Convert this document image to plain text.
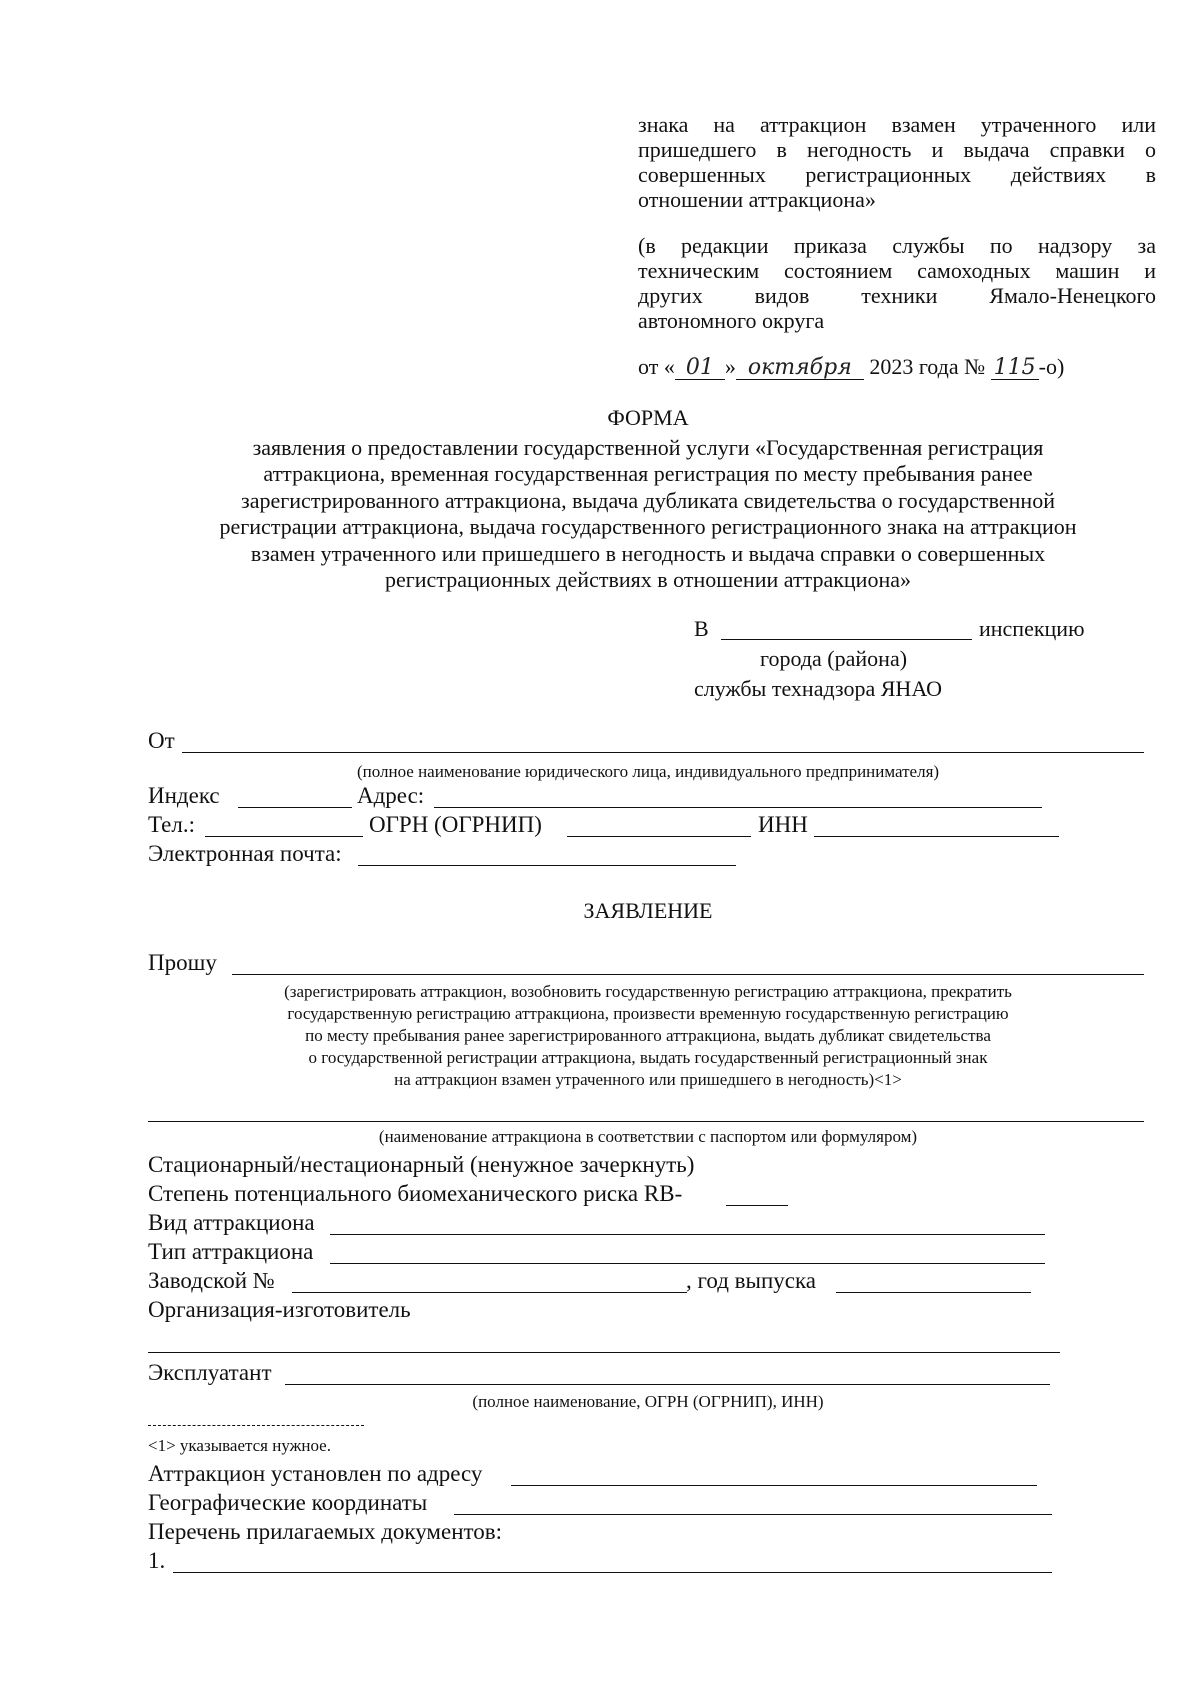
знака на аттракцион взамен утраченного или
пришедшего в негодность и выдача справки о
совершенных регистрационных действиях в
отношении аттракциона»
(в редакции приказа службы по надзору за
техническим состоянием самоходных машин и
других видов техники Ямало-Ненецкого
автономного округа
от « 01 » октября 2023 года № 115 -о)
ФОРМА
заявления о предоставлении государственной услуги «Государственная регистрация
аттракциона, временная государственная регистрация по месту пребывания ранее
зарегистрированного аттракциона, выдача дубликата свидетельства о государственной
регистрации аттракциона, выдача государственного регистрационного знака на аттракцион
взамен утраченного или пришедшего в негодность и выдача справки о совершенных
регистрационных действиях в отношении аттракциона»
В	инспекцию
города (района)
службы технадзора ЯНАО
От
(полное наименование юридического лица, индивидуального предпринимателя)
Индекс	Адрес:
Тел.:	ОГРН (ОГРНИП)	ИНН
Электронная почта:
ЗАЯВЛЕНИЕ
Прошу
(зарегистрировать аттракцион, возобновить государственную регистрацию аттракциона, прекратить
государственную регистрацию аттракциона, произвести временную государственную регистрацию
по месту пребывания ранее зарегистрированного аттракциона, выдать дубликат свидетельства
о государственной регистрации аттракциона, выдать государственный регистрационный знак
на аттракцион взамен утраченного или пришедшего в негодность)<1>
(наименование аттракциона в соответствии с паспортом или формуляром)
Стационарный/нестационарный (ненужное зачеркнуть)
Степень потенциального биомеханического риска RB-
Вид аттракциона
Тип аттракциона
Заводской №	, год выпуска
Организация-изготовитель
Эксплуатант
(полное наименование, ОГРН (ОГРНИП), ИНН)
<1> указывается нужное.
Аттракцион установлен по адресу
Географические координаты
Перечень прилагаемых документов:
1.
